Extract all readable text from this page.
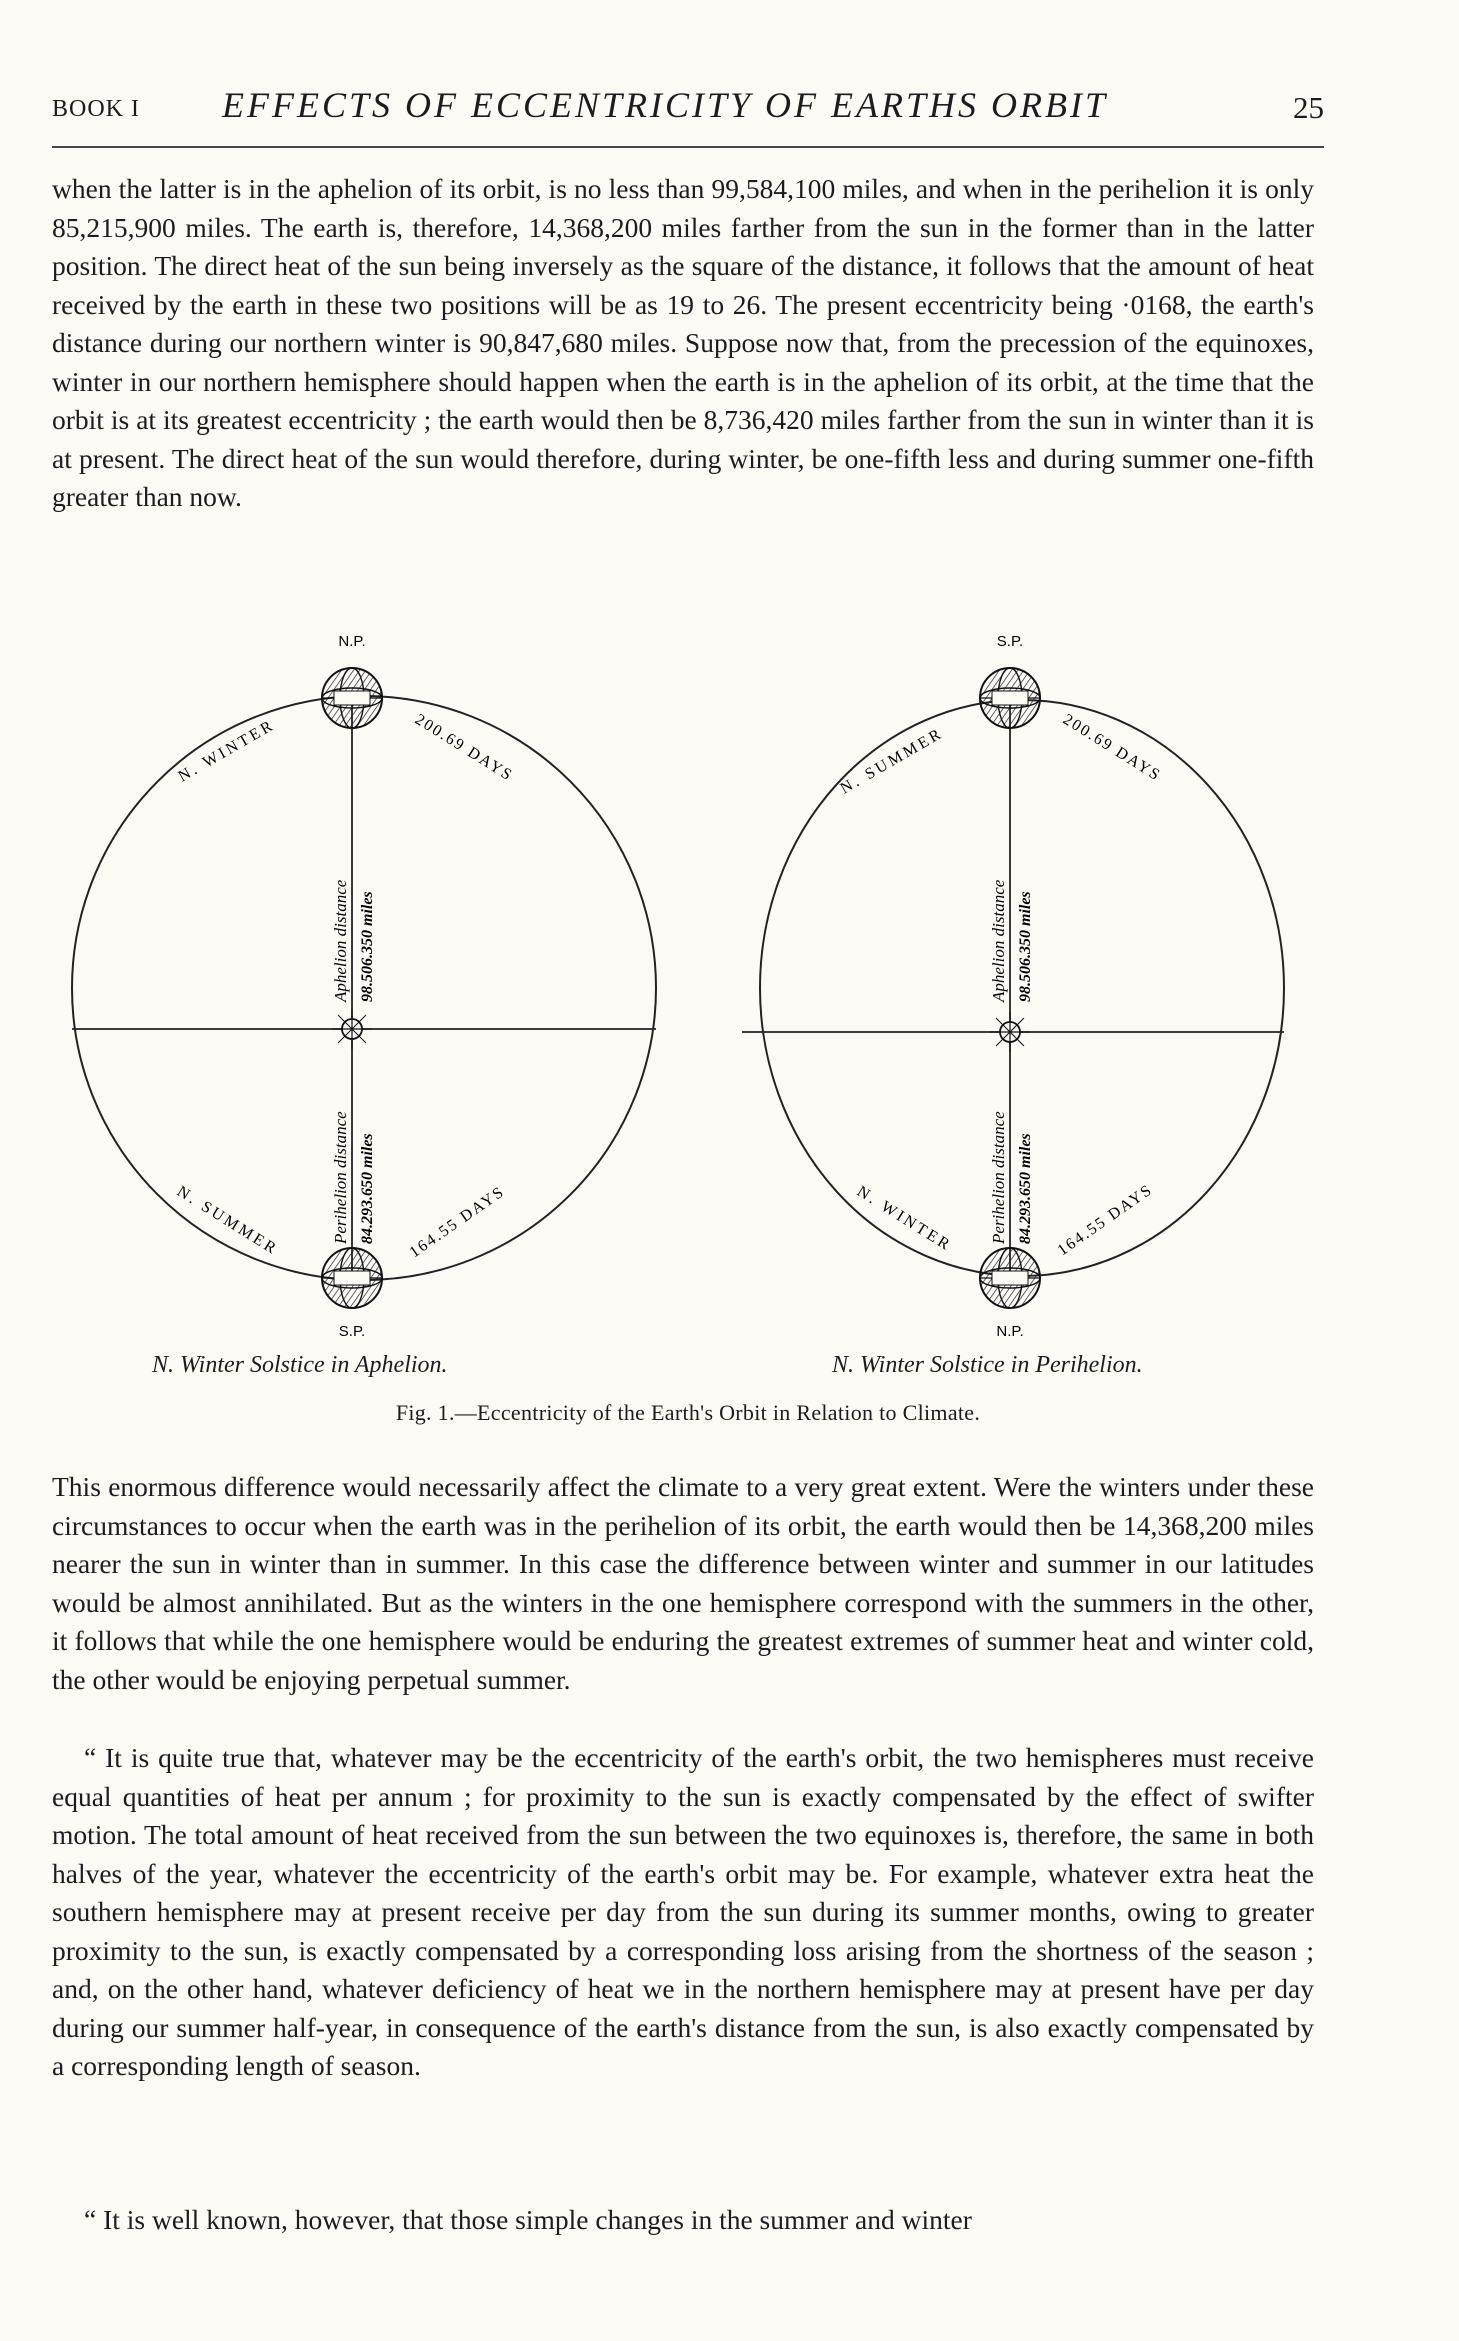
BOOK I EFFECTS OF ECCENTRICITY OF EARTHS ORBIT	25

when the latter is in the aphelion of its orbit, is no less than 99,584,100 miles, and when in the perihelion it is only 85,215,900 miles. The earth is, therefore, 14,368,200 miles farther from the sun in the former than in the latter position. The direct heat of the sun being inversely as the square of the distance, it follows that the amount of heat received by the earth in these two positions will be as 19 to 26. The present eccentricity being ·0168, the earth's distance during our northern winter is 90,847,680 miles. Suppose now that, from the precession of the equinoxes, winter in our northern hemisphere should happen when the earth is in the aphelion of its orbit, at the time that the orbit is at its greatest eccentricity ; the earth would then be 8,736,420 miles farther from the sun in winter than it is at present. The direct heat of the sun would therefore, during winter, be one-fifth less and during summer one-fifth greater than now.

N.P.
S.P.
N. WINTER	200.69 DAYS
N. SUMMER	164.55 DAYS
Aphelion distance 98.506.350 miles
Perihelion distance 84.293.650 miles
S.P.
N.P.
N. SUMMER	200.69 DAYS
N. WINTER	164.55 DAYS
Aphelion distance 98.506.350 miles
Perihelion distance 84.293.650 miles
N. Winter Solstice in Aphelion.	N. Winter Solstice in Perihelion.
Fig. 1.—Eccentricity of the Earth's Orbit in Relation to Climate.

This enormous difference would necessarily affect the climate to a very great extent. Were the winters under these circumstances to occur when the earth was in the perihelion of its orbit, the earth would then be 14,368,200 miles nearer the sun in winter than in summer. In this case the difference between winter and summer in our latitudes would be almost annihilated. But as the winters in the one hemisphere correspond with the summers in the other, it follows that while the one hemisphere would be enduring the greatest extremes of summer heat and winter cold, the other would be enjoying perpetual summer.

“ It is quite true that, whatever may be the eccentricity of the earth's orbit, the two hemispheres must receive equal quantities of heat per annum ; for proximity to the sun is exactly compensated by the effect of swifter motion. The total amount of heat received from the sun between the two equinoxes is, therefore, the same in both halves of the year, whatever the eccentricity of the earth's orbit may be. For example, whatever extra heat the southern hemisphere may at present receive per day from the sun during its summer months, owing to greater proximity to the sun, is exactly compensated by a corresponding loss arising from the shortness of the season ; and, on the other hand, whatever deficiency of heat we in the northern hemisphere may at present have per day during our summer half-year, in consequence of the earth's distance from the sun, is also exactly compensated by a corresponding length of season.

“ It is well known, however, that those simple changes in the summer and winter
